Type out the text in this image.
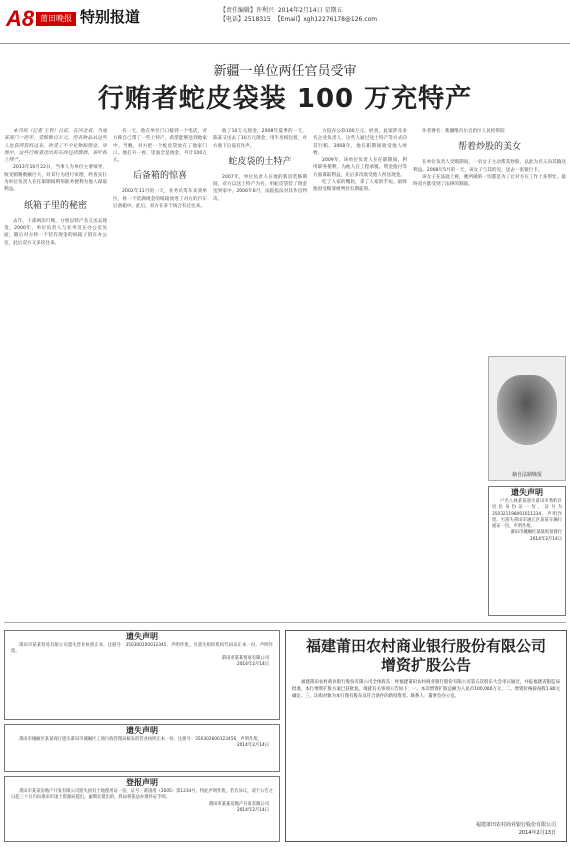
A8 莆田晚报 特别报道	【责任编辑】许利兴 2014年2月14日 星期五
【电话】2518315 【Email】xgh12276178@126.com
新疆一单位两任官员受审
行贿者蛇皮袋装 100 万充特产

本刊讯（记者 王利）日前，在河北省，当地某部门一把手，受贿数百万元，但各物品从这些人处获得资料过来，收受了不少礼物和现金。审理中，这些行贿者送出的东西包括烟酒、茶叶和土特产。

2013年10月22日，当事人为单位主要领导，收受贿赂数额巨大，对其行为进行审理，经查实行为单位负责人在任职期间利用职务便利为他人谋取利益。

纸箱子里的秘密

去年，干部两次行贿，分别以特产名义送去现金。2000年，单位负责人与业务员在办公室见面，随后对方将一个装有现金的纸箱子留在办公室，此后双方又多次往来。

有一天，他在单位门口接到一个电话，对方称自己带了一些土特产，希望能够送到他家中。当晚，对方把一个蛇皮袋放在了他家门口。他打开一看，里面全是现金，共计100万元。

后备箱的惊喜

2002年11月的一天，业务员驾车来到单位，将一个装满现金的纸箱放进了对方的汽车后备箱中。此后，双方在多个场合有过往来。

收了10万元现金。2008年夏季的一天，陈某又送去了10万元现金，用牛皮纸包着，对方收下后没有作声。

蛇皮袋的土特产

2007年，单位负责人在他的新房装修期间，对方以送土特产为名，用蛇皮袋装了现金送到家中。2006年8月，法院依法对其作出判决。

力侵吞公款100万元，经查，此案涉及多名企业负责人，这些人通过送土特产等方式向其行贿。2008年，他在职期间收受他人财物。

2009年，该单位负责人在任职期间，利用职务便利，为他人在工程承揽、资金拨付等方面谋取利益，先后多次收受他人所送现金。

吃了人家的嘴软，拿了人家的手短。最终他因受贿罪被判处有期徒刑。

作者署名：新疆维吾尔自治区人民检察院

帮着炒股的美女

在单位负责人受贿期间，一名女子主动帮其炒股，以此为名义向其输送利益。2008年5月的一天，该女子与其约见，送去一张银行卡。

该女子在法庭上称，她所做的一切都是为了让对方在工作上多帮忙。最终双方都受到了法律的制裁。

摘自法制晚报
遗失声明

莆田市某某贸易有限公司遗失营业执照正本，注册号：350300100012345，声明作废。另遗失组织机构代码证正本一份，声明作废。

莆田市某某贸易有限公司
2014年2月14日
遗失声明

莆田市城厢区某某商行遗失莆田市城厢区工商行政管理局核发的营业执照正本一份，注册号：350302600123456，声明作废。

2014年2月14日
登报声明

莆田市某某房地产开发有限公司遗失国有土地使用证一份，证号：莆国用（2005）第1234号，特此声明作废。若有异议，请于公告之日起三十日内向莆田市国土资源局提出。逾期未提出的，我局将依法办理补证手续。

莆田市某某房地产开发有限公司
2014年2月14日
遗失声明

户名人林某某遗失莆田市秀屿区居民身份证一份，证号为350321198001011234，声明作废。另遗失莆田市涵江区某某车辆行驶证一份，声明作废。

莆田市城厢区某某贸易商行
2014年2月14日
福建莆田农村商业银行股份有限公司
增资扩股公告

福建莆田农村商业银行股份有限公司全体股东：经福建莆田农村商业银行股份有限公司第五次股东大会审议通过，并报福建省银监局批准，本行增资扩股方案已获批复。现就有关事项公告如下：一、本次增资扩股总额为人民币100,000万元；二、增资价格按每股1.80元确定；三、认购对象为本行现有股东及符合条件的新投资者。联系人：董事会办公室。

福建莆田农村商业银行股份有限公司
2014年2月13日
